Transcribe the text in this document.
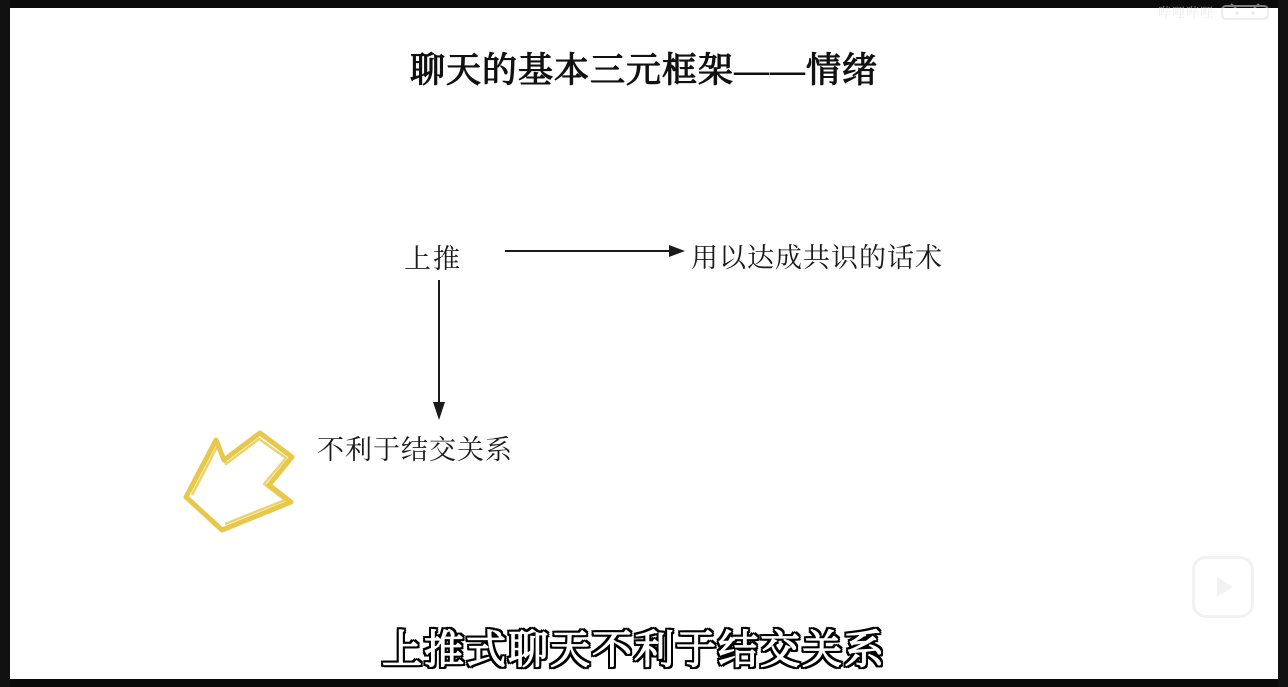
聊天的基本三元框架——情绪
上推	用以达成共识的话术
不利于结交关系
哔哩哔哩
上推式聊天不利于结交关系
